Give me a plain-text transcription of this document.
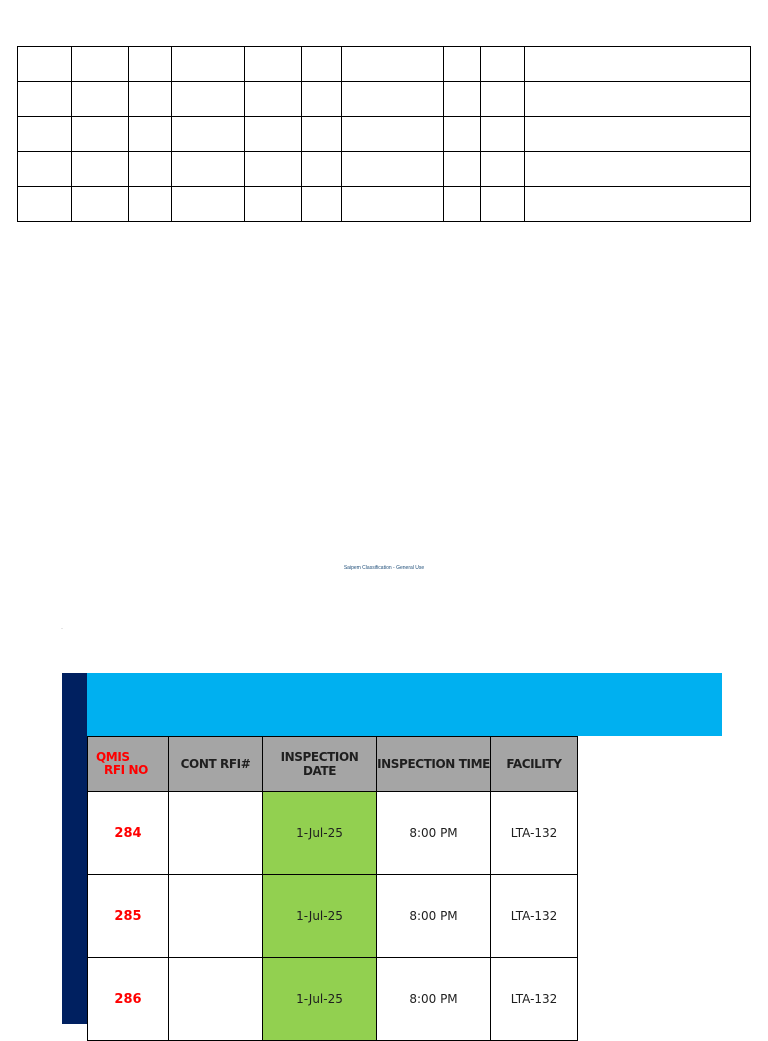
Saipem Classification - General Use
·
QMIS
RFI NO	CONT RFI#	INSPECTION DATE	INSPECTION TIME	FACILITY
284		1-Jul-25	8:00 PM	LTA-132
285		1-Jul-25	8:00 PM	LTA-132
286		1-Jul-25	8:00 PM	LTA-132
